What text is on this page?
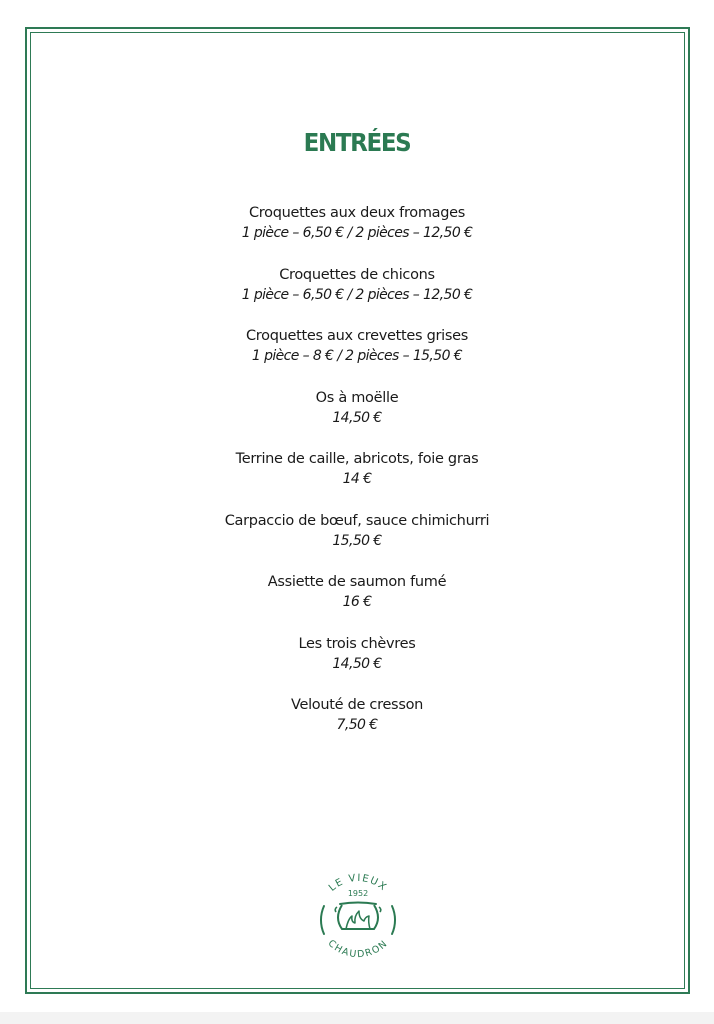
ENTRÉES
Croquettes aux deux fromages
1 pièce – 6,50 € / 2 pièces – 12,50 €
Croquettes de chicons
1 pièce – 6,50 € / 2 pièces – 12,50 €
Croquettes aux crevettes grises
1 pièce – 8 € / 2 pièces – 15,50 €
Os à moëlle
14,50 €
Terrine de caille, abricots, foie gras
14 €
Carpaccio de bœuf, sauce chimichurri
15,50 €
Assiette de saumon fumé
16 €
Les trois chèvres
14,50 €
Velouté de cresson
7,50 €
LE VIEUX
1952
CHAUDRON
